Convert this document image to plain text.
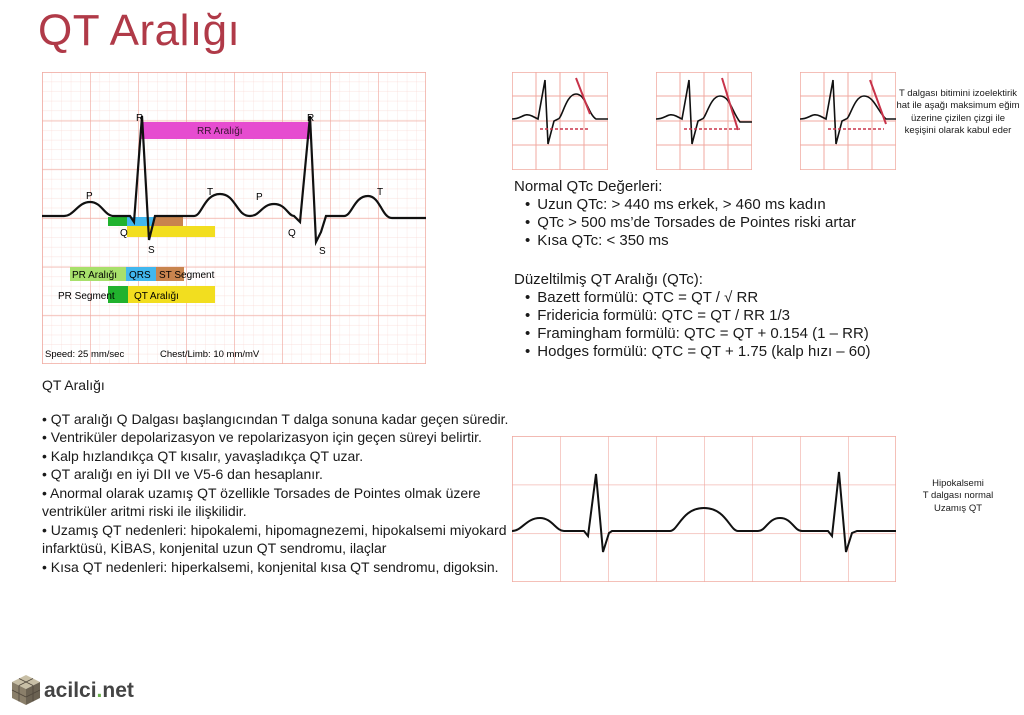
QT Aralığı
RR Aralığı
P
R
Q
S
T	P
R
Q
S
T
PR Aralığı QRS ST Segment
PR Segment QT Aralığı
Speed: 25 mm/sec	Chest/Limb: 10 mm/mV
T dalgası bitimini izoelektirik hat ile aşağı maksimum eğim üzerine çizilen çizgi ile keşişini olarak kabul eder
Normal QTc Değerleri:
• Uzun QTc: > 440 ms erkek, > 460 ms kadın
• QTc > 500 ms’de Torsades de Pointes riski artar
• Kısa QTc: < 350 ms
Düzeltilmiş QT Aralığı (QTc):
• Bazett formülü: QTC = QT / √ RR
• Fridericia formülü: QTC = QT / RR 1/3
• Framingham formülü: QTC = QT + 0.154 (1 – RR)
• Hodges formülü: QTC = QT + 1.75 (kalp hızı – 60)
QT Aralığı

• QT aralığı Q Dalgası başlangıcından T dalga sonuna kadar geçen süredir.

• Ventriküler depolarizasyon ve repolarizasyon için geçen süreyi belirtir.

• Kalp hızlandıkça QT kısalır, yavaşladıkça QT uzar.

• QT aralığı en iyi DII ve V5-6 dan hesaplanır.

• Anormal olarak uzamış QT özellikle Torsades de Pointes olmak üzere ventriküler aritmi riski ile ilişkilidir.

• Uzamış QT nedenleri: hipokalemi, hipomagnezemi, hipokalsemi miyokard infarktüsü, KİBAS, konjenital uzun QT sendromu, ilaçlar

• Kısa QT nedenleri: hiperkalsemi, konjenital kısa QT sendromu, digoksin.

Hipokalsemi
T dalgası normal
Uzamış QT
acilci.net
